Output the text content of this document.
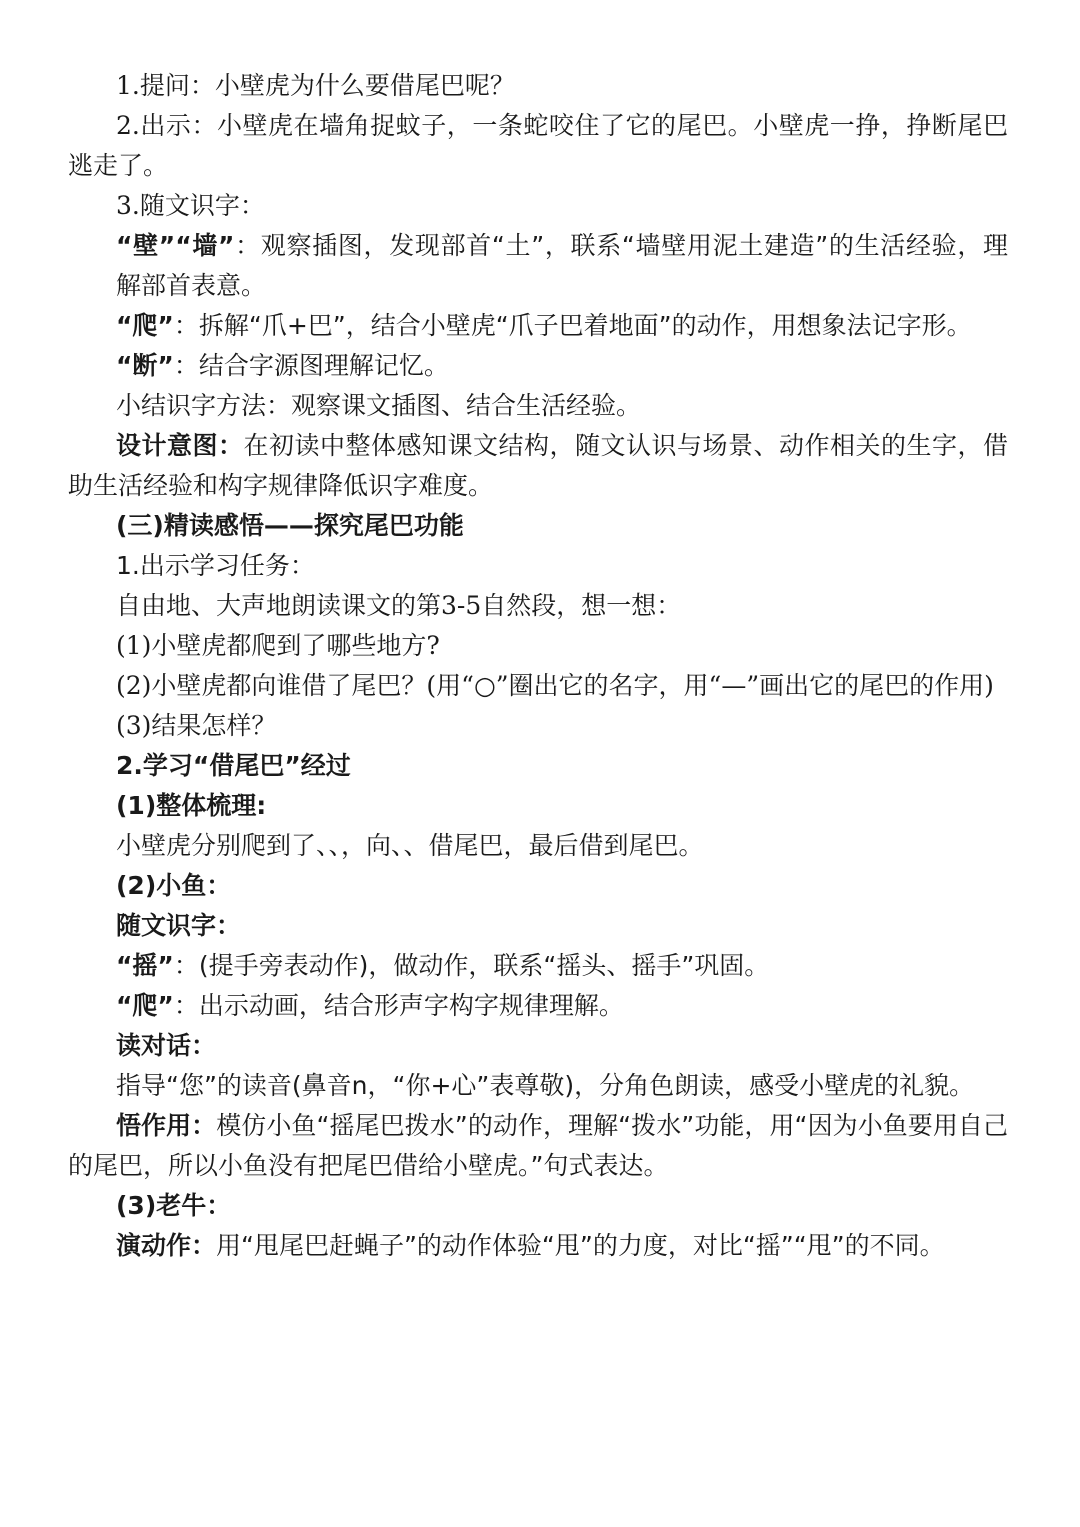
1.提问：小壁虎为什么要借尾巴呢？

2.出示：小壁虎在墙角捉蚊子，一条蛇咬住了它的尾巴。小壁虎一挣，挣断尾巴逃走了。

3.随文识字：

“壁”“墙”：观察插图，发现部首“土”，联系“墙壁用泥土建造”的生活经验，理解部首表意。

“爬”：拆解“爪+巴”，结合小壁虎“爪子巴着地面”的动作，用想象法记字形。

“断”：结合字源图理解记忆。

小结识字方法：观察课文插图、结合生活经验。

设计意图：在初读中整体感知课文结构，随文认识与场景、动作相关的生字，借助生活经验和构字规律降低识字难度。

(三)精读感悟——探究尾巴功能

1.出示学习任务：

自由地、大声地朗读课文的第3-5自然段，想一想：

(1)小壁虎都爬到了哪些地方?

(2)小壁虎都向谁借了尾巴？(用“○”圈出它的名字，用“—”画出它的尾巴的作用)

(3)结果怎样？

2.学习“借尾巴”经过

(1)整体梳理:

小壁虎分别爬到了、、，向、、借尾巴，最后借到尾巴。

(2)小鱼：

随文识字：

“摇”：(提手旁表动作)，做动作，联系“摇头、摇手”巩固。

“爬”：出示动画，结合形声字构字规律理解。

读对话：

指导“您”的读音(鼻音n，“你+心”表尊敬)，分角色朗读，感受小壁虎的礼貌。

悟作用：模仿小鱼“摇尾巴拨水”的动作，理解“拨水”功能，用“因为小鱼要用自己的尾巴，所以小鱼没有把尾巴借给小壁虎。”句式表达。

(3)老牛：

演动作：用“甩尾巴赶蝇子”的动作体验“甩”的力度，对比“摇”“甩”的不同。
